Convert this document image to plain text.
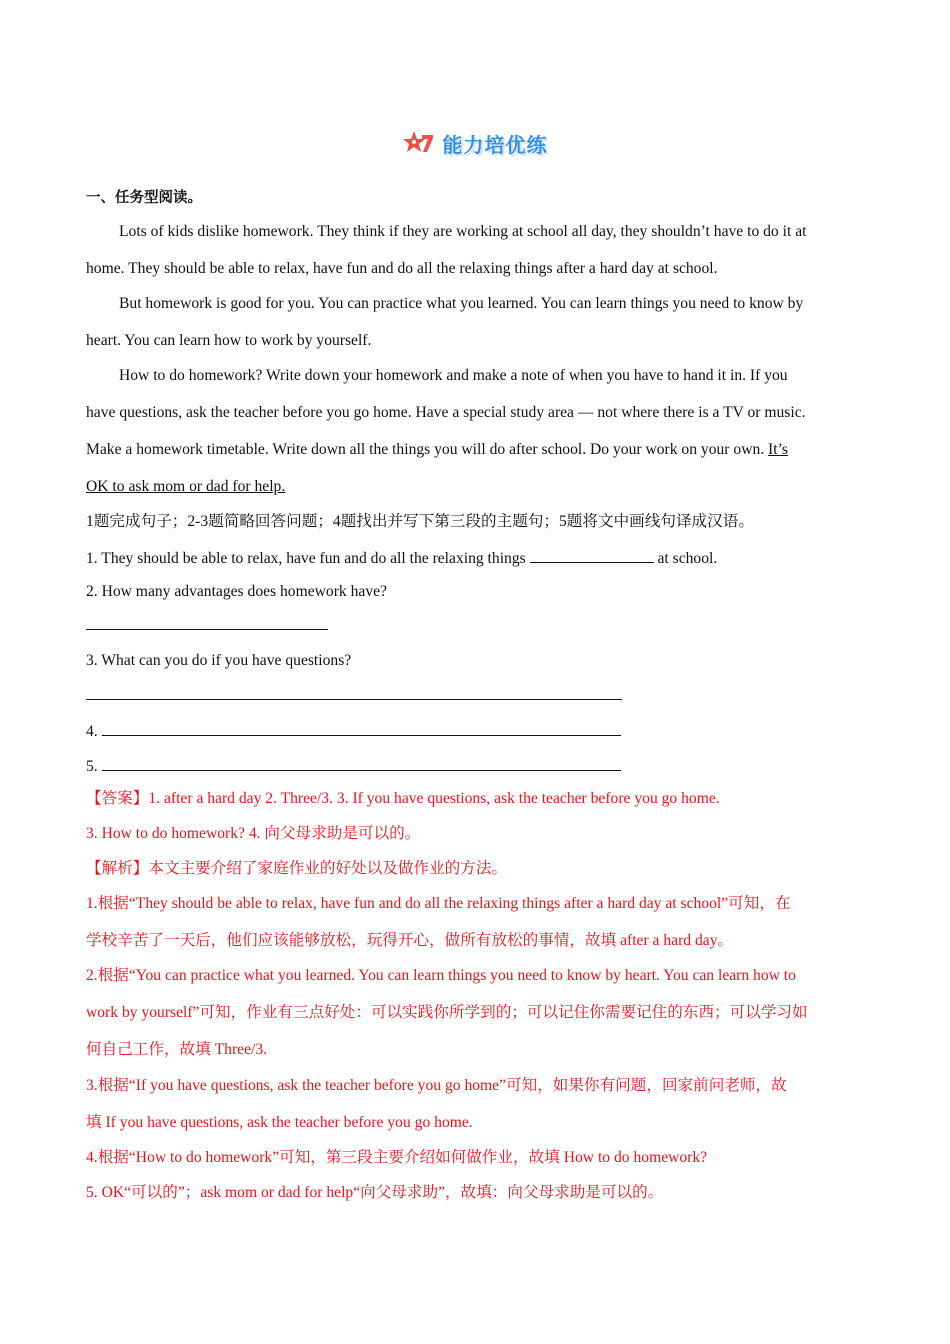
能力培优练
一、任务型阅读。
Lots of kids dislike homework. They think if they are working at school all day, they shouldn’t have to do it at
home. They should be able to relax, have fun and do all the relaxing things after a hard day at school.
But homework is good for you. You can practice what you learned. You can learn things you need to know by
heart. You can learn how to work by yourself.
How to do homework? Write down your homework and make a note of when you have to hand it in. If you
have questions, ask the teacher before you go home. Have a special study area — not where there is a TV or music.
Make a homework timetable. Write down all the things you will do after school. Do your work on your own. It’s
OK to ask mom or dad for help.
1题完成句子；2-3题简略回答问题；4题找出并写下第三段的主题句；5题将文中画线句译成汉语。
1. They should be able to relax, have fun and do all the relaxing things	at school.
2. How many advantages does homework have?
3. What can you do if you have questions?
4.
5.
【答案】1. after a hard day 2. Three/3. 3. If you have questions, ask the teacher before you go home.
3. How to do homework? 4. 向父母求助是可以的。
【解析】本文主要介绍了家庭作业的好处以及做作业的方法。
1.根据“They should be able to relax, have fun and do all the relaxing things after a hard day at school”可知，在
学校辛苦了一天后，他们应该能够放松，玩得开心，做所有放松的事情，故填 after a hard day。
2.根据“You can practice what you learned. You can learn things you need to know by heart. You can learn how to
work by yourself”可知，作业有三点好处：可以实践你所学到的；可以记住你需要记住的东西；可以学习如
何自己工作，故填 Three/3.
3.根据“If you have questions, ask the teacher before you go home”可知，如果你有问题，回家前问老师，故
填 If you have questions, ask the teacher before you go home.
4.根据“How to do homework”可知，第三段主要介绍如何做作业，故填 How to do homework?
5. OK“可以的”；ask mom or dad for help“向父母求助”，故填：向父母求助是可以的。
